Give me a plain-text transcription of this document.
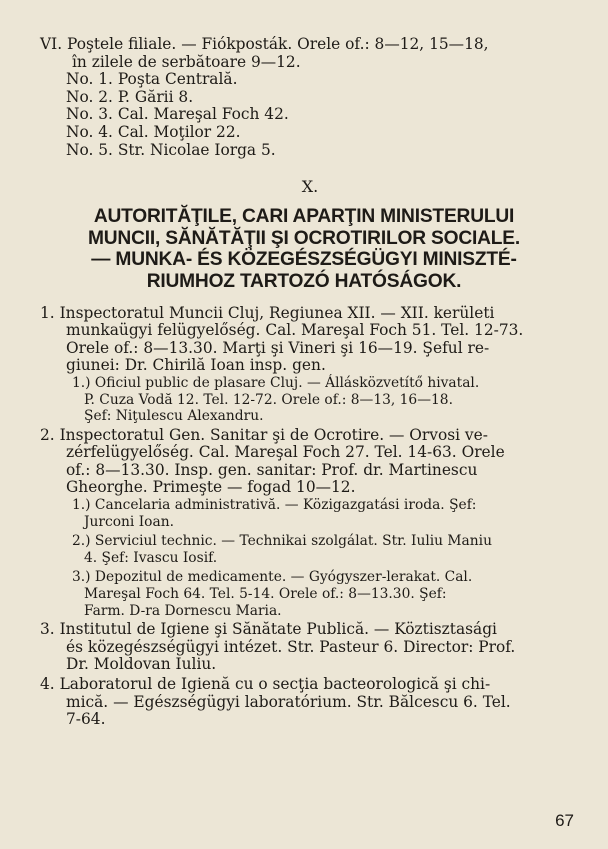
VI. Poştele filiale. — Fiókposták. Orele of.: 8—12, 15—18,
în zilele de serbătoare 9—12.
No. 1. Poşta Centrală.
No. 2. P. Gării 8.
No. 3. Cal. Mareşal Foch 42.
No. 4. Cal. Moţilor 22.
No. 5. Str. Nicolae Iorga 5.
X.
AUTORITĂŢILE, CARI APARŢIN MINISTERULUI
MUNCII, SĂNĂTĂŢII ŞI OCROTIRILOR SOCIALE.
— MUNKA- ÉS KÖZEGÉSZSÉGÜGYI MINISZTÉ-
RIUMHOZ TARTOZÓ HATÓSÁGOK.
1. Inspectoratul Muncii Cluj, Regiunea XII. — XII. kerületi
munkaügyi felügyelőség. Cal. Mareşal Foch 51. Tel. 12-73.
Orele of.: 8—13.30. Marţi şi Vineri şi 16—19. Şeful re-
giunei: Dr. Chirilă Ioan insp. gen.
1.) Oficiul public de plasare Cluj. — Állásközvetítő hivatal.
P. Cuza Vodă 12. Tel. 12-72. Orele of.: 8—13, 16—18.
Şef: Niţulescu Alexandru.
2. Inspectoratul Gen. Sanitar şi de Ocrotire. — Orvosi ve-
zérfelügyelőség. Cal. Mareşal Foch 27. Tel. 14-63. Orele
of.: 8—13.30. Insp. gen. sanitar: Prof. dr. Martinescu
Gheorghe. Primeşte — fogad 10—12.
1.) Cancelaria administrativă. — Közigazgatási iroda. Şef:
Jurconi Ioan.
2.) Serviciul technic. — Technikai szolgálat. Str. Iuliu Maniu
4. Şef: Ivascu Iosif.
3.) Depozitul de medicamente. — Gyógyszer-lerakat. Cal.
Mareşal Foch 64. Tel. 5-14. Orele of.: 8—13.30. Şef:
Farm. D-ra Dornescu Maria.
3. Institutul de Igiene şi Sănătate Publică. — Köztisztasági
és közegészségügyi intézet. Str. Pasteur 6. Director: Prof.
Dr. Moldovan Iuliu.
4. Laboratorul de Igienă cu o secţia bacteorologică şi chi-
mică. — Egészségügyi laboratórium. Str. Bălcescu 6. Tel.
7-64.
67
